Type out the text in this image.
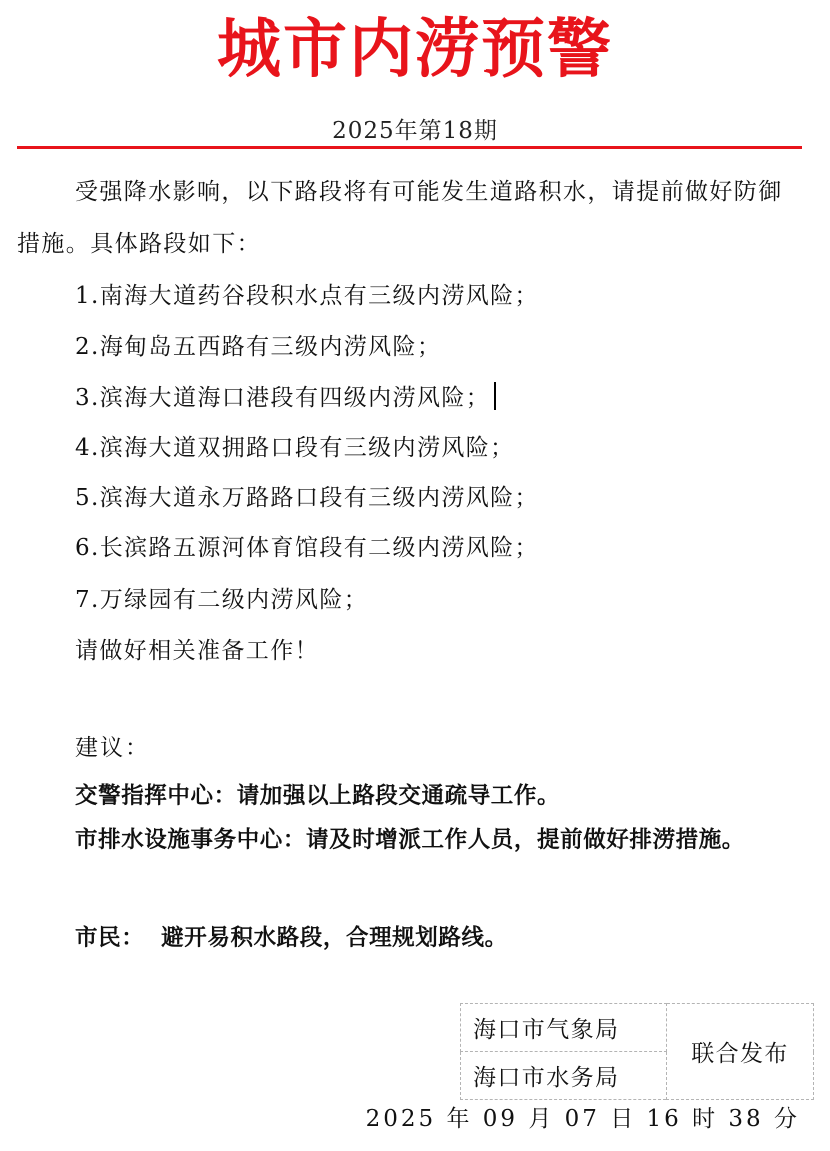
城市内涝预警
2025年第18期
受强降水影响，以下路段将有可能发生道路积水，请提前做好防御措施。具体路段如下：
1.南海大道药谷段积水点有三级内涝风险；
2.海甸岛五西路有三级内涝风险；
3.滨海大道海口港段有四级内涝风险；
4.滨海大道双拥路口段有三级内涝风险；
5.滨海大道永万路路口段有三级内涝风险；
6.长滨路五源河体育馆段有二级内涝风险；
7.万绿园有二级内涝风险；
请做好相关准备工作！
建议：
交警指挥中心：请加强以上路段交通疏导工作。
市排水设施事务中心：请及时增派工作人员，提前做好排涝措施。
市民：  避开易积水路段，合理规划路线。
海口市气象局	联合发布
海口市水务局
2025 年 09 月 07 日 16 时 38 分
